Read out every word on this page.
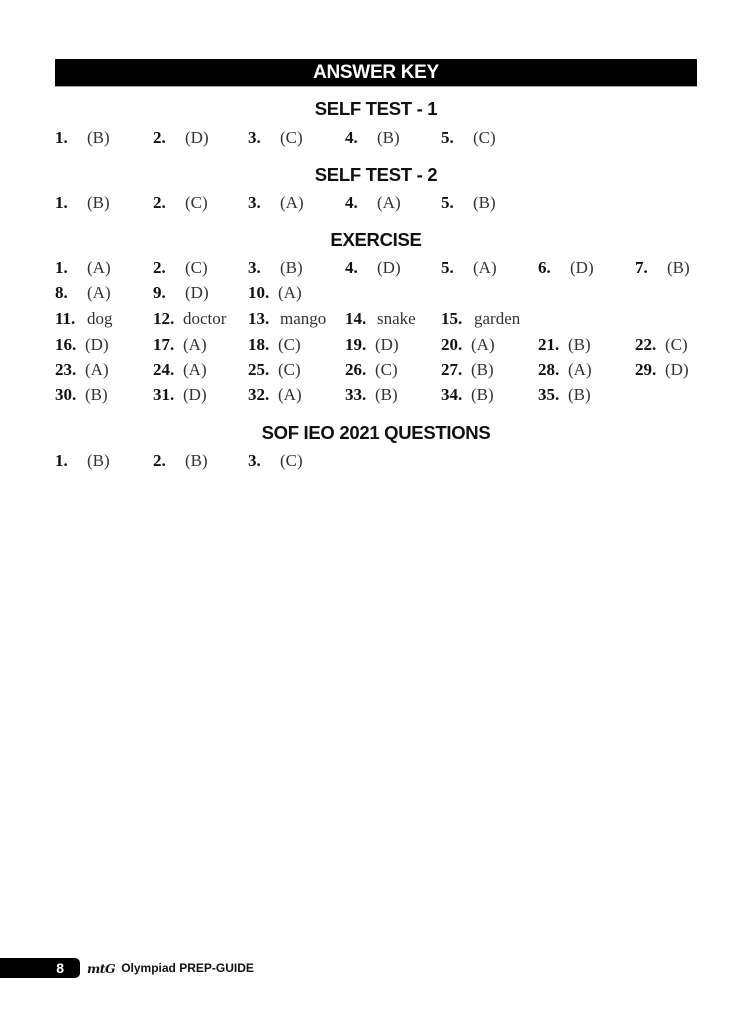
ANSWER KEY
SELF TEST - 1
1. (B)	2. (D) 3. (C) 4. (B) 5. (C)
SELF TEST - 2
1. (B)	2. (C) 3. (A) 4. (A) 5. (B)
EXERCISE
1. (A) 2. (C) 3. (B) 4. (D) 5. (A) 6. (D) 7. (B)
8. (A) 9. (D) 10. (A)
11. dog 12. doctor 13. mango 14. snake 15. garden
16. (D)	17. (A) 18. (C)	19. (D) 20. (A)	21. (B)	22. (C)
23. (A)	24. (A) 25. (C)	26. (C)	27. (B)	28. (A)	29. (D)
30. (B)	31. (D) 32. (A)	33. (B)	34. (B)	35. (B)
SOF IEO 2021 QUESTIONS
1. (B)	2. (B) 3. (C)
8 mtG Olympiad PREP-GUIDE
